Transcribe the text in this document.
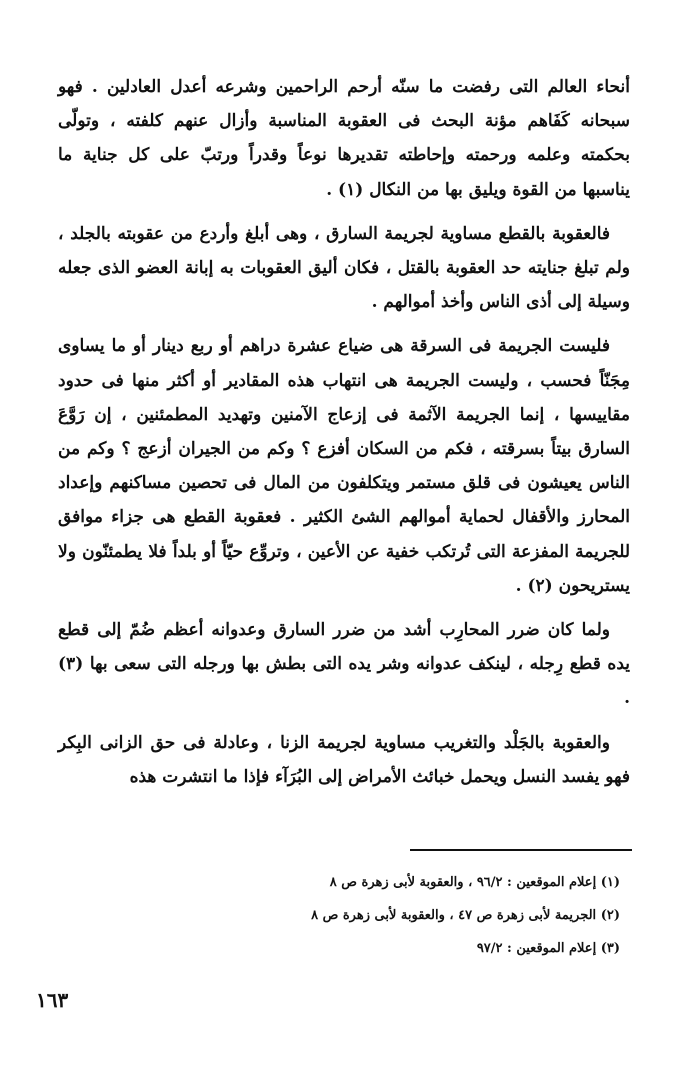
أنحاء العالم التى رفضت ما سنّه أرحم الراحمين وشرعه أعدل العادلين . فهو سبحانه كَفَاهم مؤنة البحث فى العقوبة المناسبة وأزال عنهم كلفته ، وتولّى بحكمته وعلمه ورحمته وإحاطته تقديرها نوعاً وقدراً ورتبّ على كل جناية ما يناسبها من القوة ويليق بها من النكال (١) .

فالعقوبة بالقطع مساوية لجريمة السارق ، وهى أبلغ وأردع من عقوبته بالجلد ، ولم تبلغ جنايته حد العقوبة بالقتل ، فكان أليق العقوبات به إبانة العضو الذى جعله وسيلة إلى أذى الناس وأخذ أموالهم .

فليست الجريمة فى السرقة هى ضياع عشرة دراهم أو ربع دينار أو ما يساوى مِجَنّاً فحسب ، وليست الجريمة هى انتهاب هذه المقادير أو أكثر منها فى حدود مقاييسها ، إنما الجريمة الآثمة فى إزعاج الآمنين وتهديد المطمئنين ، إن رَوَّعَ السارق بيتاً بسرقته ، فكم من السكان أفزع ؟ وكم من الجيران أزعج ؟ وكم من الناس يعيشون فى قلق مستمر ويتكلفون من المال فى تحصين مساكنهم وإعداد المحارز والأقفال لحماية أموالهم الشئ الكثير . فعقوبة القطع هى جزاء موافق للجريمة المفزعة التى تُرتكب خفية عن الأعين ، وتروِّع حيّاً أو بلداً فلا يطمئنّون ولا يستريحون (٢) .

ولما كان ضرر المحارِب أشد من ضرر السارق وعدوانه أعظم ضُمّ إلى قطع يده قطع رِجله ، لينكف عدوانه وشر يده التى بطش بها ورجله التى سعى بها (٣) .

والعقوبة بالجَلْد والتغريب مساوية لجريمة الزنا ، وعادلة فى حق الزانى البِكر فهو يفسد النسل ويحمل خبائث الأمراض إلى البُرَآء فإذا ما انتشرت هذه

(١) إعلام الموقعين : ٩٦/٢ ، والعقوبة لأبى زهرة ص ٨

(٢) الجريمة لأبى زهرة ص ٤٧ ، والعقوبة لأبى زهرة ص ٨

(٣) إعلام الموقعين : ٩٧/٢

١٦٣
